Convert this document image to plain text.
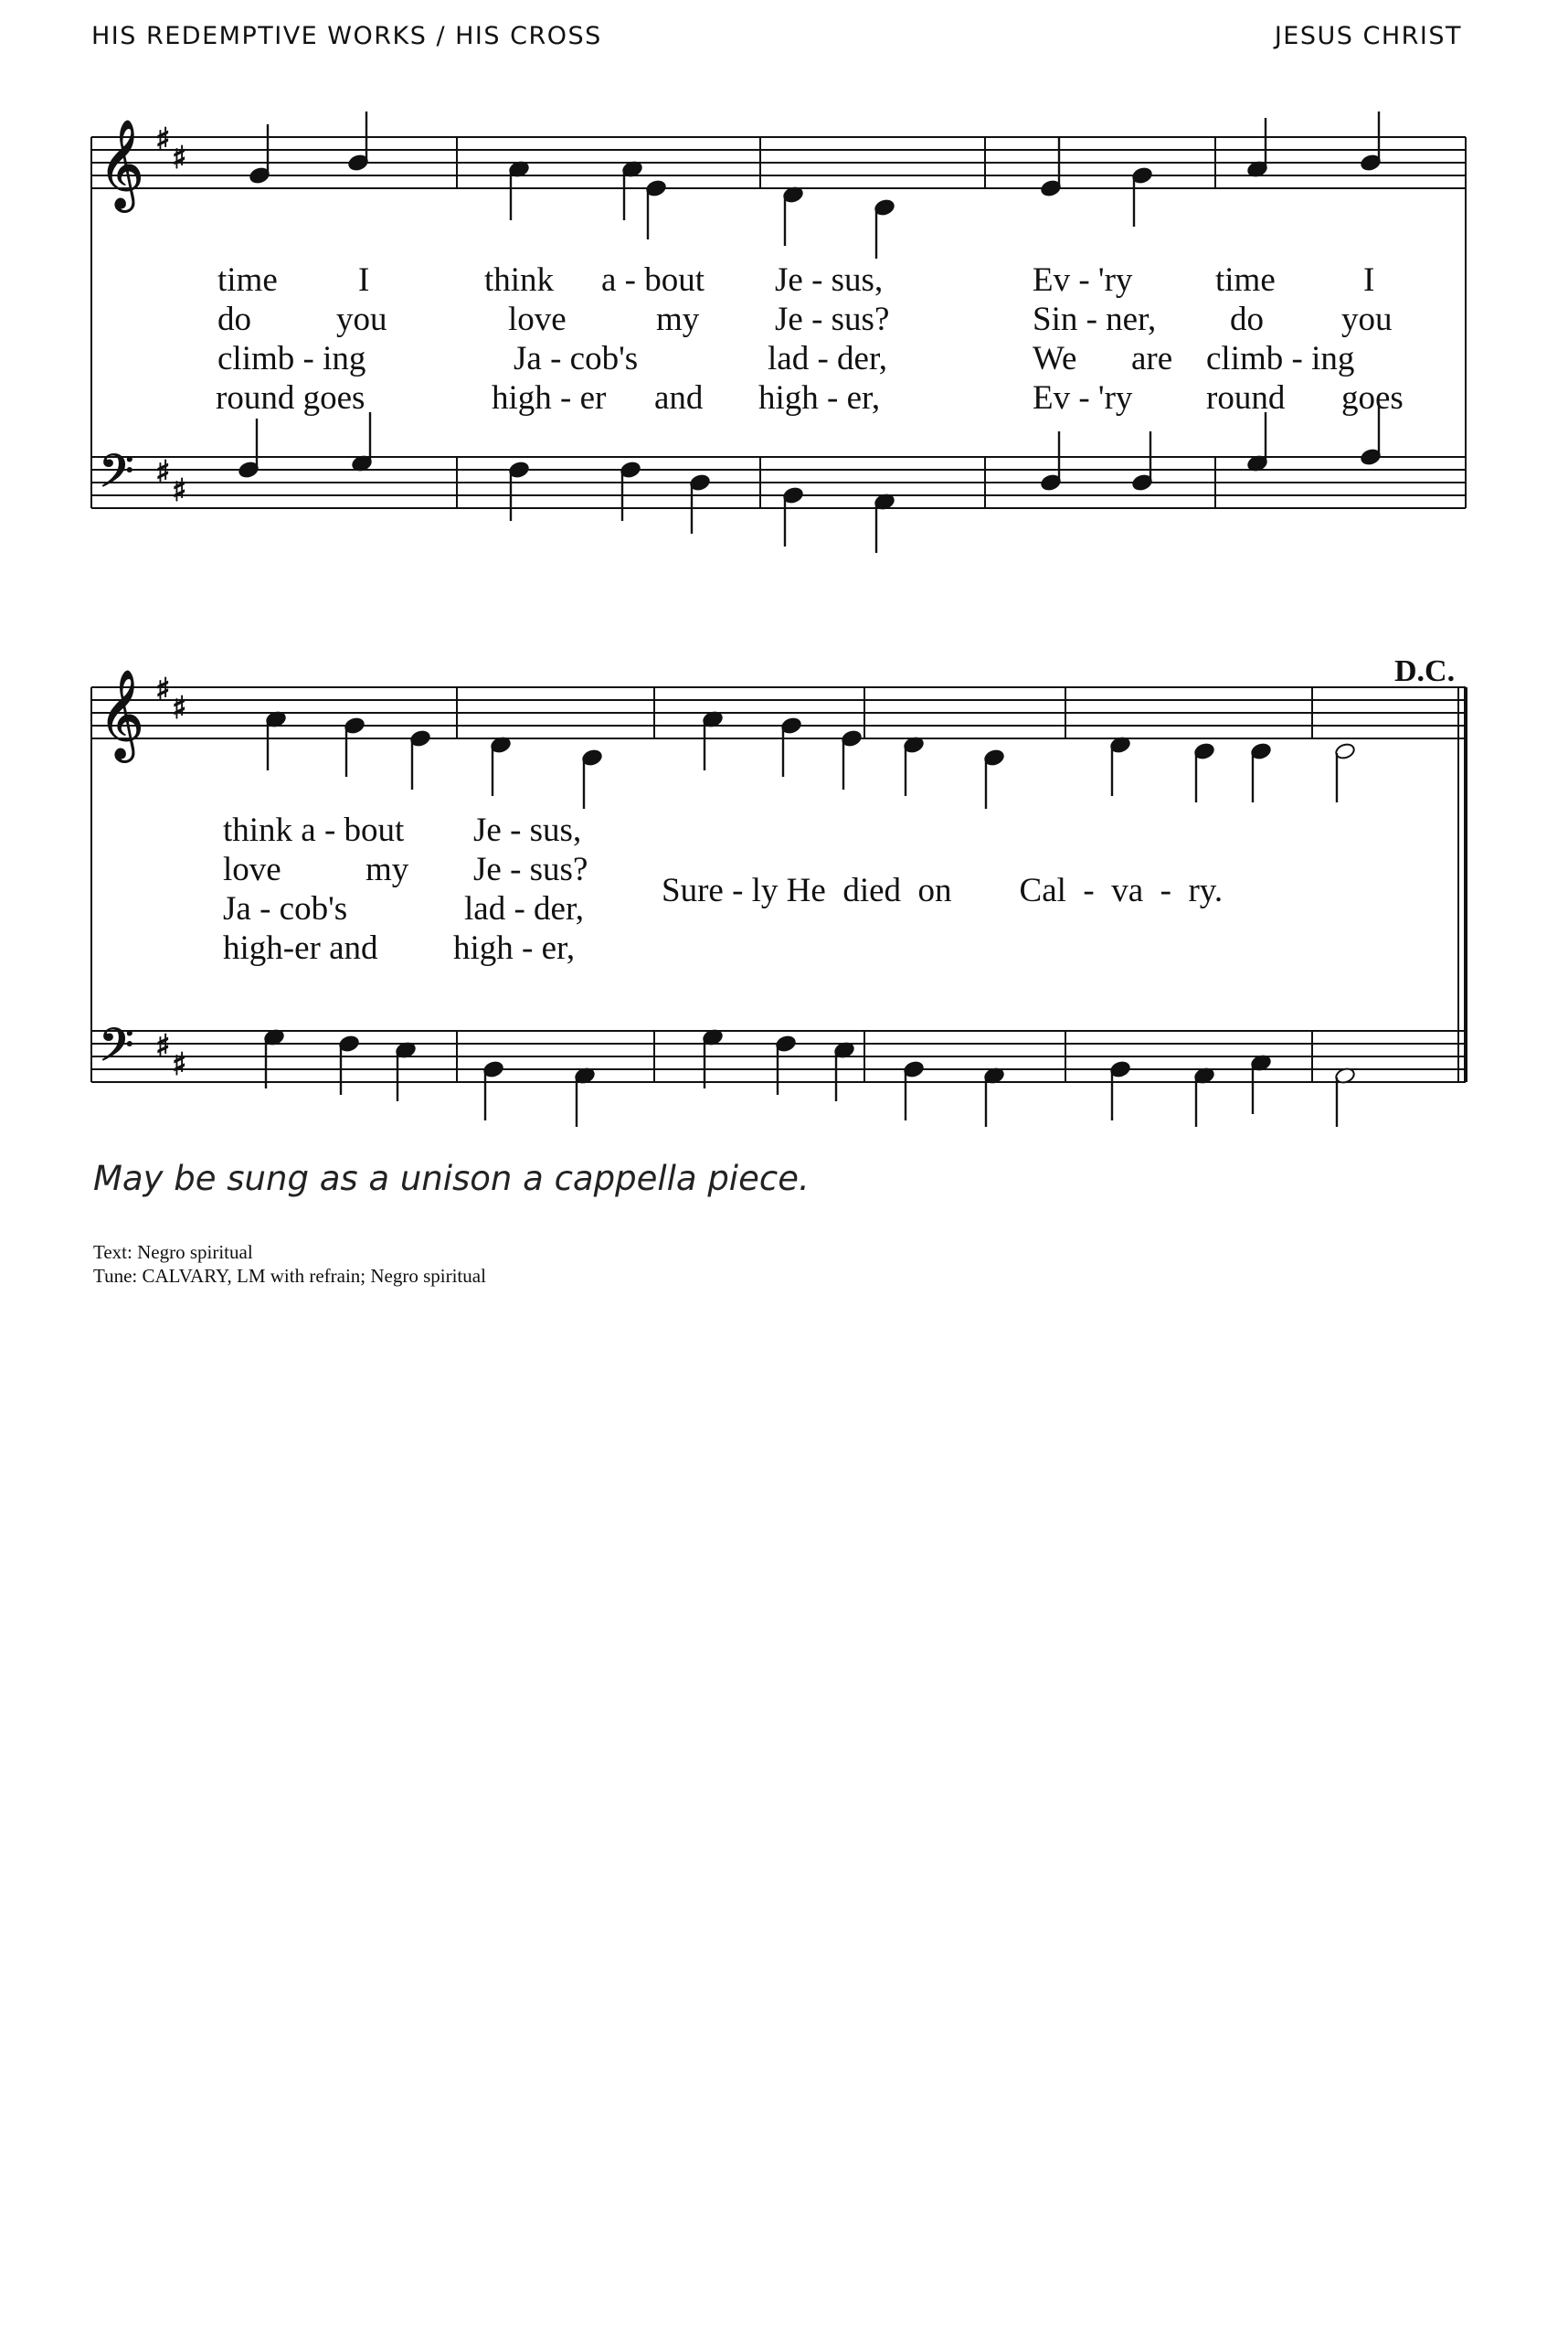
HIS REDEMPTIVE WORKS / HIS CROSS	JESUS CHRIST
𝄞
𝄢
♯ ♯
♯ ♯
𝄞
𝄢
♯ ♯
♯ ♯
time I	think a - bout Je - sus,	Ev - 'ry time	I
do	you	love	my Je - sus?	Sin - ner, do you
climb - ing	Ja - cob's	lad - der,	We are climb - ing
round goes	high - er and high - er,	Ev - 'ry round goes
D.C.
think a - bout Je - sus,
love my Je - sus?
Ja - cob's	lad - der,
high-er and high - er,
Sure - ly He  died  on        Cal  -  va  -  ry.
May be sung as a unison a cappella piece.
Text: Negro spiritual
Tune: CALVARY, LM with refrain; Negro spiritual
